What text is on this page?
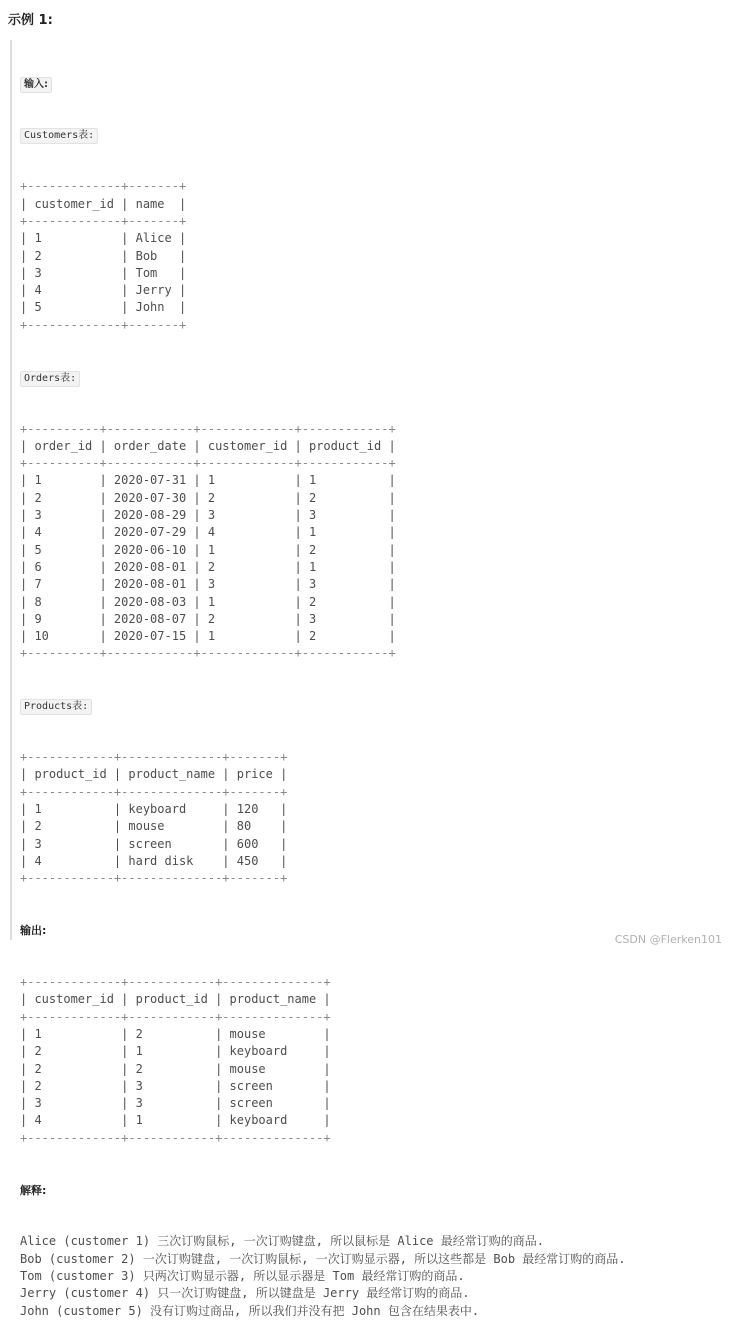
示例 1:

输入:

Customers表:

+-------------+-------+
| customer_id | name  |
+-------------+-------+
| 1           | Alice |
| 2           | Bob   |
| 3           | Tom   |
| 4           | Jerry |
| 5           | John  |
+-------------+-------+

Orders表:

+----------+------------+-------------+------------+
| order_id | order_date | customer_id | product_id |
+----------+------------+-------------+------------+
| 1        | 2020-07-31 | 1           | 1          |
| 2        | 2020-07-30 | 2           | 2          |
| 3        | 2020-08-29 | 3           | 3          |
| 4        | 2020-07-29 | 4           | 1          |
| 5        | 2020-06-10 | 1           | 2          |
| 6        | 2020-08-01 | 2           | 1          |
| 7        | 2020-08-01 | 3           | 3          |
| 8        | 2020-08-03 | 1           | 2          |
| 9        | 2020-08-07 | 2           | 3          |
| 10       | 2020-07-15 | 1           | 2          |
+----------+------------+-------------+------------+

Products表:

+------------+--------------+-------+
| product_id | product_name | price |
+------------+--------------+-------+
| 1          | keyboard     | 120   |
| 2          | mouse        | 80    |
| 3          | screen       | 600   |
| 4          | hard disk    | 450   |
+------------+--------------+-------+

输出:

+-------------+------------+--------------+
| customer_id | product_id | product_name |
+-------------+------------+--------------+
| 1           | 2          | mouse        |
| 2           | 1          | keyboard     |
| 2           | 2          | mouse        |
| 2           | 3          | screen       |
| 3           | 3          | screen       |
| 4           | 1          | keyboard     |
+-------------+------------+--------------+

解释:

Alice (customer 1) 三次订购鼠标, 一次订购键盘, 所以鼠标是 Alice 最经常订购的商品.
Bob (customer 2) 一次订购键盘, 一次订购鼠标, 一次订购显示器, 所以这些都是 Bob 最经常订购的商品.
Tom (customer 3) 只两次订购显示器, 所以显示器是 Tom 最经常订购的商品.
Jerry (customer 4) 只一次订购键盘, 所以键盘是 Jerry 最经常订购的商品.
John (customer 5) 没有订购过商品, 所以我们并没有把 John 包含在结果表中.

CSDN @Flerken101
